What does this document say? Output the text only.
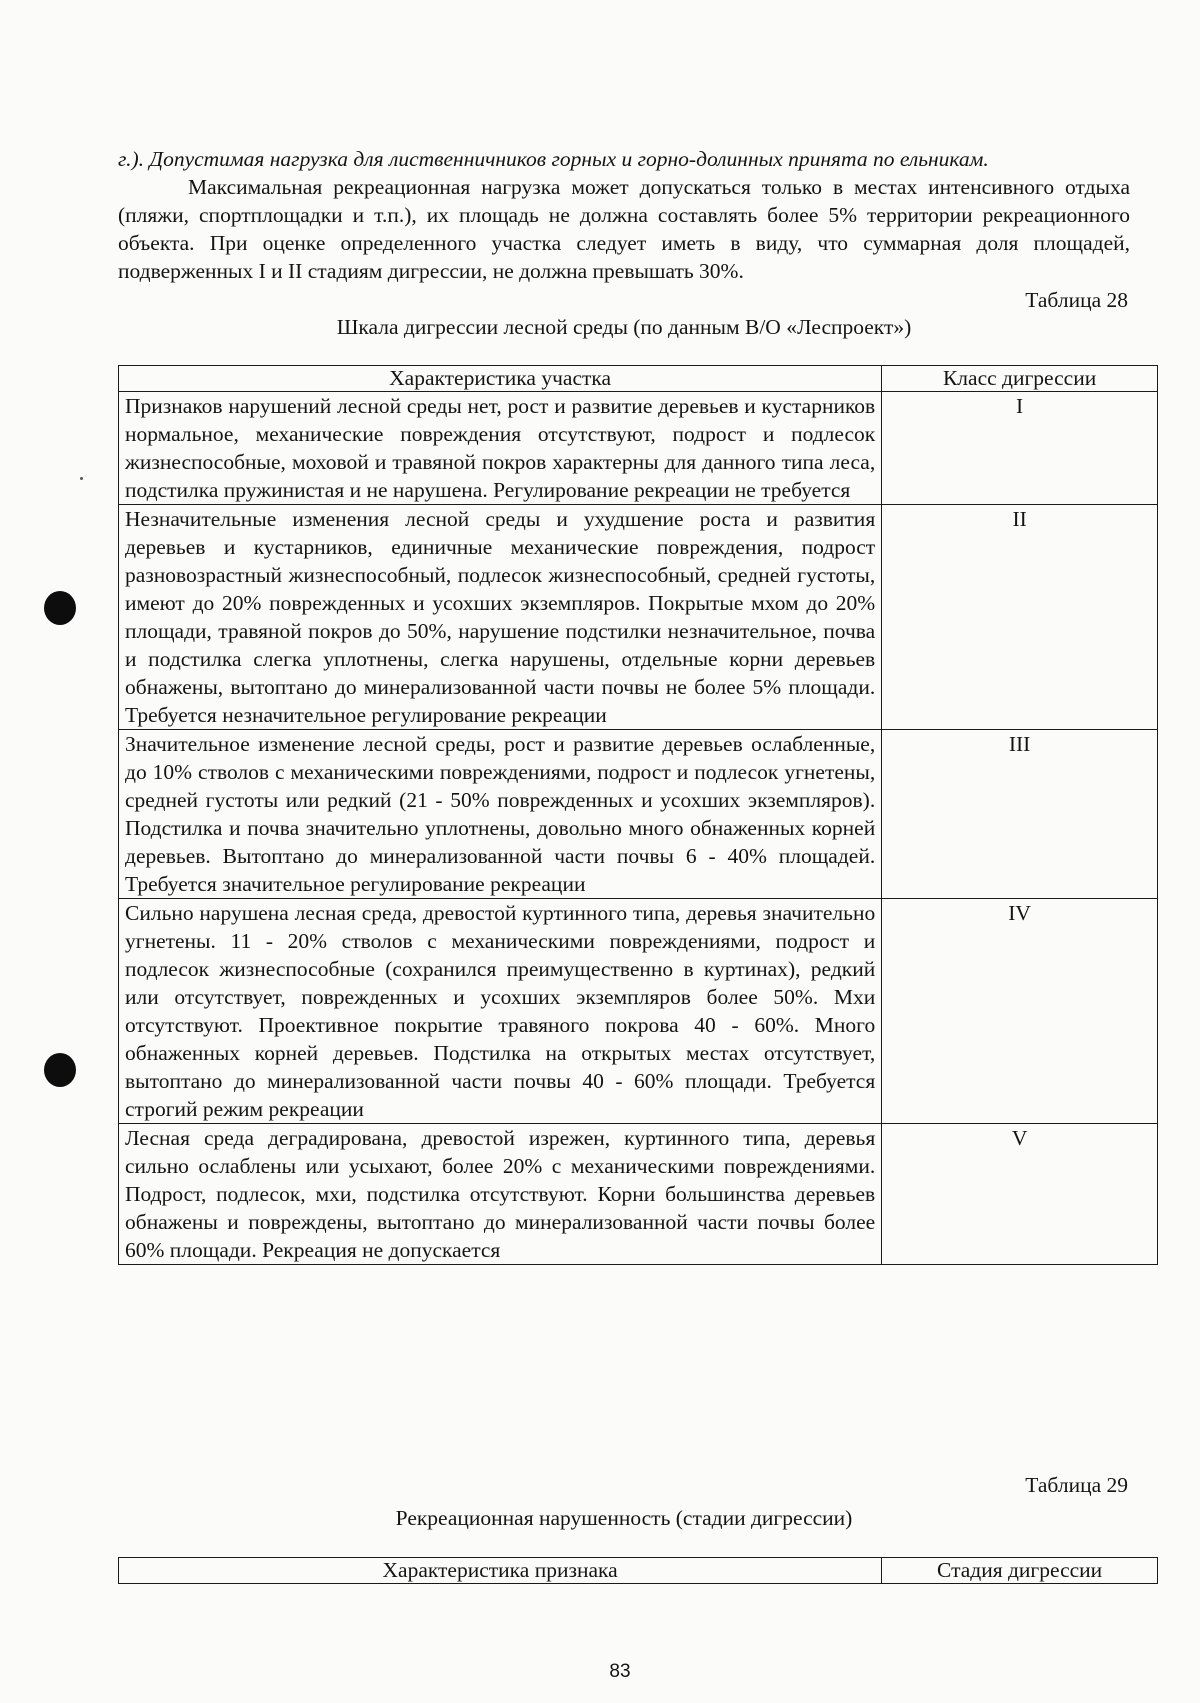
г.). Допустимая нагрузка для лиственничников горных и горно-долинных принята по ельникам.

Максимальная рекреационная нагрузка может допускаться только в местах интенсивного отдыха (пляжи, спортплощадки и т.п.), их площадь не должна составлять более 5% территории рекреационного объекта. При оценке определенного участка следует иметь в виду, что суммарная доля площадей, подверженных I и II стадиям дигрессии, не должна превышать 30%.

Таблица 28
Шкала дигрессии лесной среды (по данным В/О «Леспроект»)
Характеристика участка	Класс дигрессии
Признаков нарушений лесной среды нет, рост и развитие деревьев и кустарников нормальное, механические повреждения отсутствуют, подрост и подлесок жизнеспособные, моховой и травяной покров характерны для данного типа леса, подстилка пружинистая и не нарушена. Регулирование рекреации не требуется	I
Незначительные изменения лесной среды и ухудшение роста и развития деревьев и кустарников, единичные механические повреждения, подрост разновозрастный жизнеспособный, подлесок жизнеспособный, средней густоты, имеют до 20% поврежденных и усохших экземпляров. Покрытые мхом до 20% площади, травяной покров до 50%, нарушение подстилки незначительное, почва и подстилка слегка уплотнены, слегка нарушены, отдельные корни деревьев обнажены, вытоптано до минерализованной части почвы не более 5% площади. Требуется незначительное регулирование рекреации	II
Значительное изменение лесной среды, рост и развитие деревьев ослабленные, до 10% стволов с механическими повреждениями, подрост и подлесок угнетены, средней густоты или редкий (21 - 50% поврежденных и усохших экземпляров). Подстилка и почва значительно уплотнены, довольно много обнаженных корней деревьев. Вытоптано до минерализованной части почвы 6 - 40% площадей. Требуется значительное регулирование рекреации	III
Сильно нарушена лесная среда, древостой куртинного типа, деревья значительно угнетены. 11 - 20% стволов с механическими повреждениями, подрост и подлесок жизнеспособные (сохранился преимущественно в куртинах), редкий или отсутствует, поврежденных и усохших экземпляров более 50%. Мхи отсутствуют. Проективное покрытие травяного покрова 40 - 60%. Много обнаженных корней деревьев. Подстилка на открытых местах отсутствует, вытоптано до минерализованной части почвы 40 - 60% площади. Требуется строгий режим рекреации	IV
Лесная среда деградирована, древостой изрежен, куртинного типа, деревья сильно ослаблены или усыхают, более 20% с механическими повреждениями. Подрост, подлесок, мхи, подстилка отсутствуют. Корни большинства деревьев обнажены и повреждены, вытоптано до минерализованной части почвы более 60% площади. Рекреация не допускается	V
Таблица 29
Рекреационная нарушенность (стадии дигрессии)
Характеристика признака	Стадия дигрессии
83
